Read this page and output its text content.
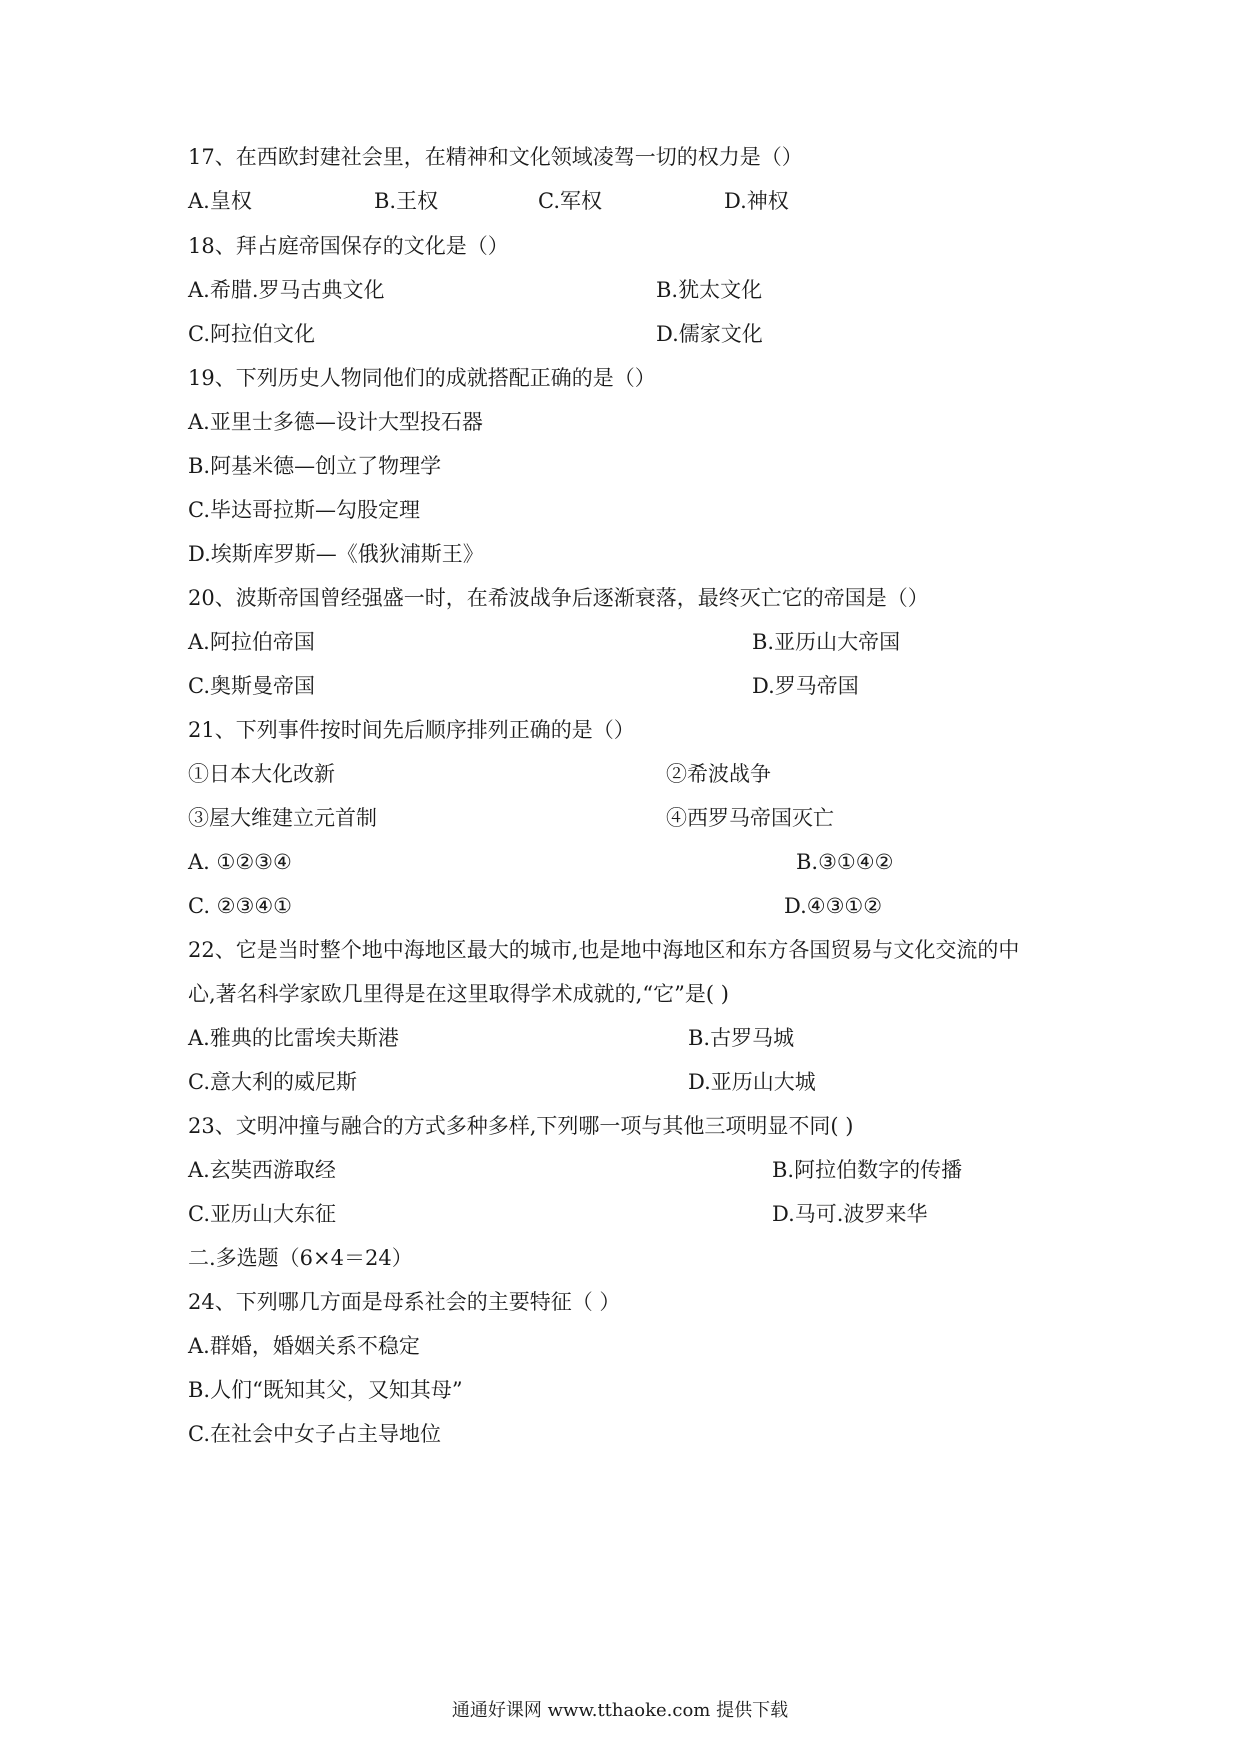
17、在西欧封建社会里，在精神和文化领域凌驾一切的权力是（）
A.皇权	B.王权	C.军权	D.神权
18、拜占庭帝国保存的文化是（）
A.希腊.罗马古典文化	B.犹太文化
C.阿拉伯文化	D.儒家文化
19、下列历史人物同他们的成就搭配正确的是（）
A.亚里士多德—设计大型投石器
B.阿基米德—创立了物理学
C.毕达哥拉斯—勾股定理
D.埃斯库罗斯—《俄狄浦斯王》
20、波斯帝国曾经强盛一时，在希波战争后逐渐衰落，最终灭亡它的帝国是（）
A.阿拉伯帝国	B.亚历山大帝国
C.奥斯曼帝国	D.罗马帝国
21、下列事件按时间先后顺序排列正确的是（）
①日本大化改新	②希波战争
③屋大维建立元首制	④西罗马帝国灭亡
A. ①②③④	B.③①④②
C. ②③④①	D.④③①②
22、它是当时整个地中海地区最大的城市,也是地中海地区和东方各国贸易与文化交流的中
心,著名科学家欧几里得是在这里取得学术成就的,“它”是( )
A.雅典的比雷埃夫斯港	B.古罗马城
C.意大利的威尼斯	D.亚历山大城
23、文明冲撞与融合的方式多种多样,下列哪一项与其他三项明显不同( )
A.玄奘西游取经	B.阿拉伯数字的传播
C.亚历山大东征	D.马可.波罗来华
二.多选题（6×4＝24）
24、下列哪几方面是母系社会的主要特征（ ）
A.群婚，婚姻关系不稳定
B.人们“既知其父，又知其母”
C.在社会中女子占主导地位
通通好课网 www.tthaoke.com 提供下载
